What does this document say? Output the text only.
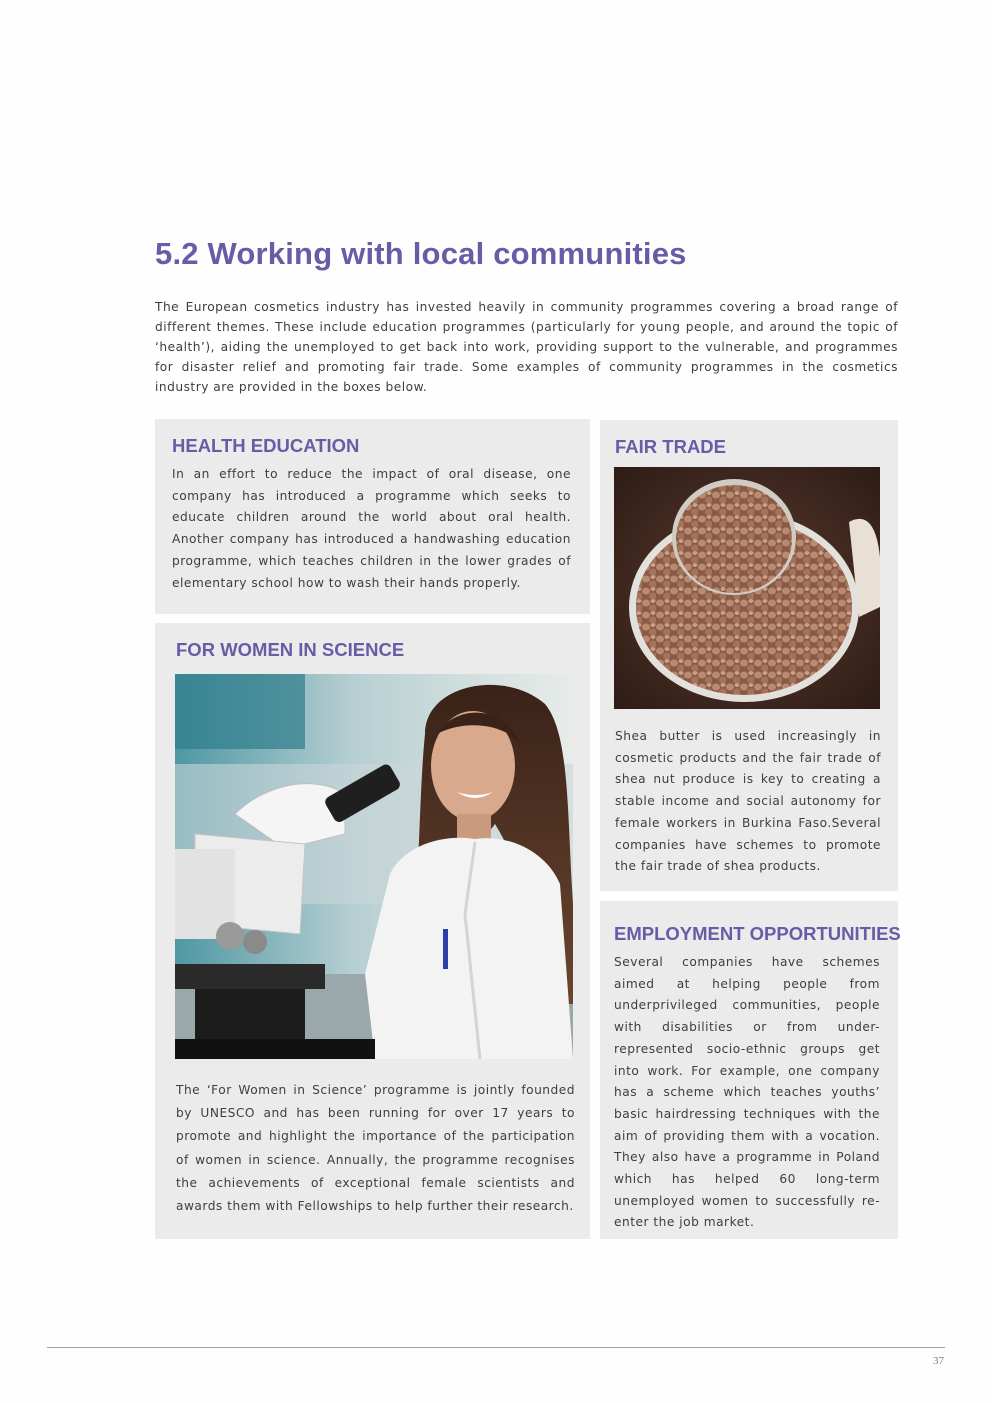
5.2 Working with local communities

The European cosmetics industry has invested heavily in community programmes covering a broad range of different themes. These include education programmes (particularly for young people, and around the topic of ‘health’), aiding the unemployed to get back into work, providing support to the vulnerable, and programmes for disaster relief and promoting fair trade. Some examples of community programmes in the cosmetics industry are provided in the boxes below.

HEALTH EDUCATION

In an effort to reduce the impact of oral disease, one company has introduced a programme which seeks to educate children around the world about oral health. Another company has introduced a handwashing education programme, which teaches children in the lower grades of elementary school how to wash their hands properly.

FOR WOMEN IN SCIENCE

The ‘For Women in Science’ programme is jointly founded by UNESCO and has been running for over 17 years to promote and highlight the importance of the participation of women in science. Annually, the programme recognises the achievements of exceptional female scientists and awards them with Fellowships to help further their research.

FAIR TRADE

Shea butter is used increasingly in cosmetic products and the fair trade of shea nut produce is key to creating a stable income and social autonomy for female workers in Burkina Faso.Several companies have schemes to promote the fair trade of shea products.

EMPLOYMENT OPPORTUNITIES

Several companies have schemes aimed at helping people from underprivileged communities, people with disabilities or from under-represented socio-ethnic groups get into work. For example, one company has a scheme which teaches youths’ basic hairdressing techniques with the aim of providing them with a vocation. They also have a programme in Poland which has helped 60 long-term unemployed women to successfully re-enter the job market.

37
